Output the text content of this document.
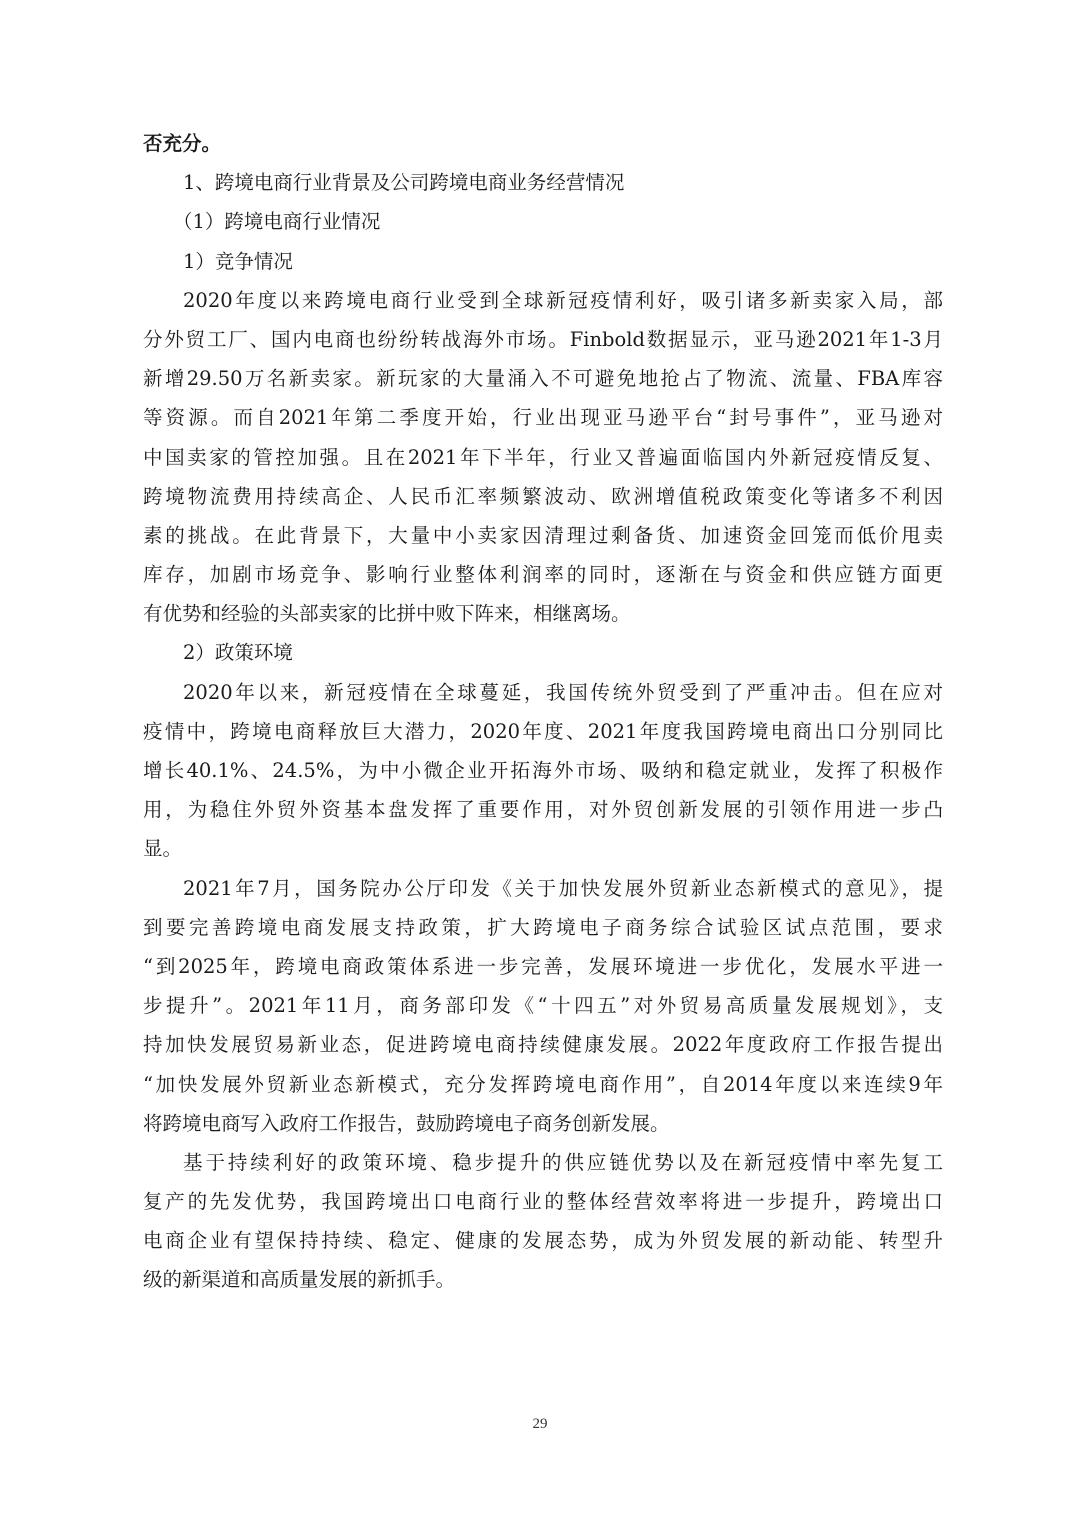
否充分。
1、跨境电商行业背景及公司跨境电商业务经营情况
（1）跨境电商行业情况
1）竞争情况
2020年度以来跨境电商行业受到全球新冠疫情利好，吸引诸多新卖家入局，部
分外贸工厂、国内电商也纷纷转战海外市场。Finbold数据显示，亚马逊2021年1-3月
新增29.50万名新卖家。新玩家的大量涌入不可避免地抢占了物流、流量、FBA库容
等资源。而自2021年第二季度开始，行业出现亚马逊平台“封号事件”，亚马逊对
中国卖家的管控加强。且在2021年下半年，行业又普遍面临国内外新冠疫情反复、
跨境物流费用持续高企、人民币汇率频繁波动、欧洲增值税政策变化等诸多不利因
素的挑战。在此背景下，大量中小卖家因清理过剩备货、加速资金回笼而低价甩卖
库存，加剧市场竞争、影响行业整体利润率的同时，逐渐在与资金和供应链方面更
有优势和经验的头部卖家的比拼中败下阵来，相继离场。
2）政策环境
2020年以来，新冠疫情在全球蔓延，我国传统外贸受到了严重冲击。但在应对
疫情中，跨境电商释放巨大潜力，2020年度、2021年度我国跨境电商出口分别同比
增长40.1%、24.5%，为中小微企业开拓海外市场、吸纳和稳定就业，发挥了积极作
用，为稳住外贸外资基本盘发挥了重要作用，对外贸创新发展的引领作用进一步凸
显。
2021年7月，国务院办公厅印发《关于加快发展外贸新业态新模式的意见》，提
到要完善跨境电商发展支持政策，扩大跨境电子商务综合试验区试点范围，要求
“到2025年，跨境电商政策体系进一步完善，发展环境进一步优化，发展水平进一
步提升”。2021年11月，商务部印发《“十四五”对外贸易高质量发展规划》，支
持加快发展贸易新业态，促进跨境电商持续健康发展。2022年度政府工作报告提出
“加快发展外贸新业态新模式，充分发挥跨境电商作用”，自2014年度以来连续9年
将跨境电商写入政府工作报告，鼓励跨境电子商务创新发展。
基于持续利好的政策环境、稳步提升的供应链优势以及在新冠疫情中率先复工
复产的先发优势，我国跨境出口电商行业的整体经营效率将进一步提升，跨境出口
电商企业有望保持持续、稳定、健康的发展态势，成为外贸发展的新动能、转型升
级的新渠道和高质量发展的新抓手。
29
